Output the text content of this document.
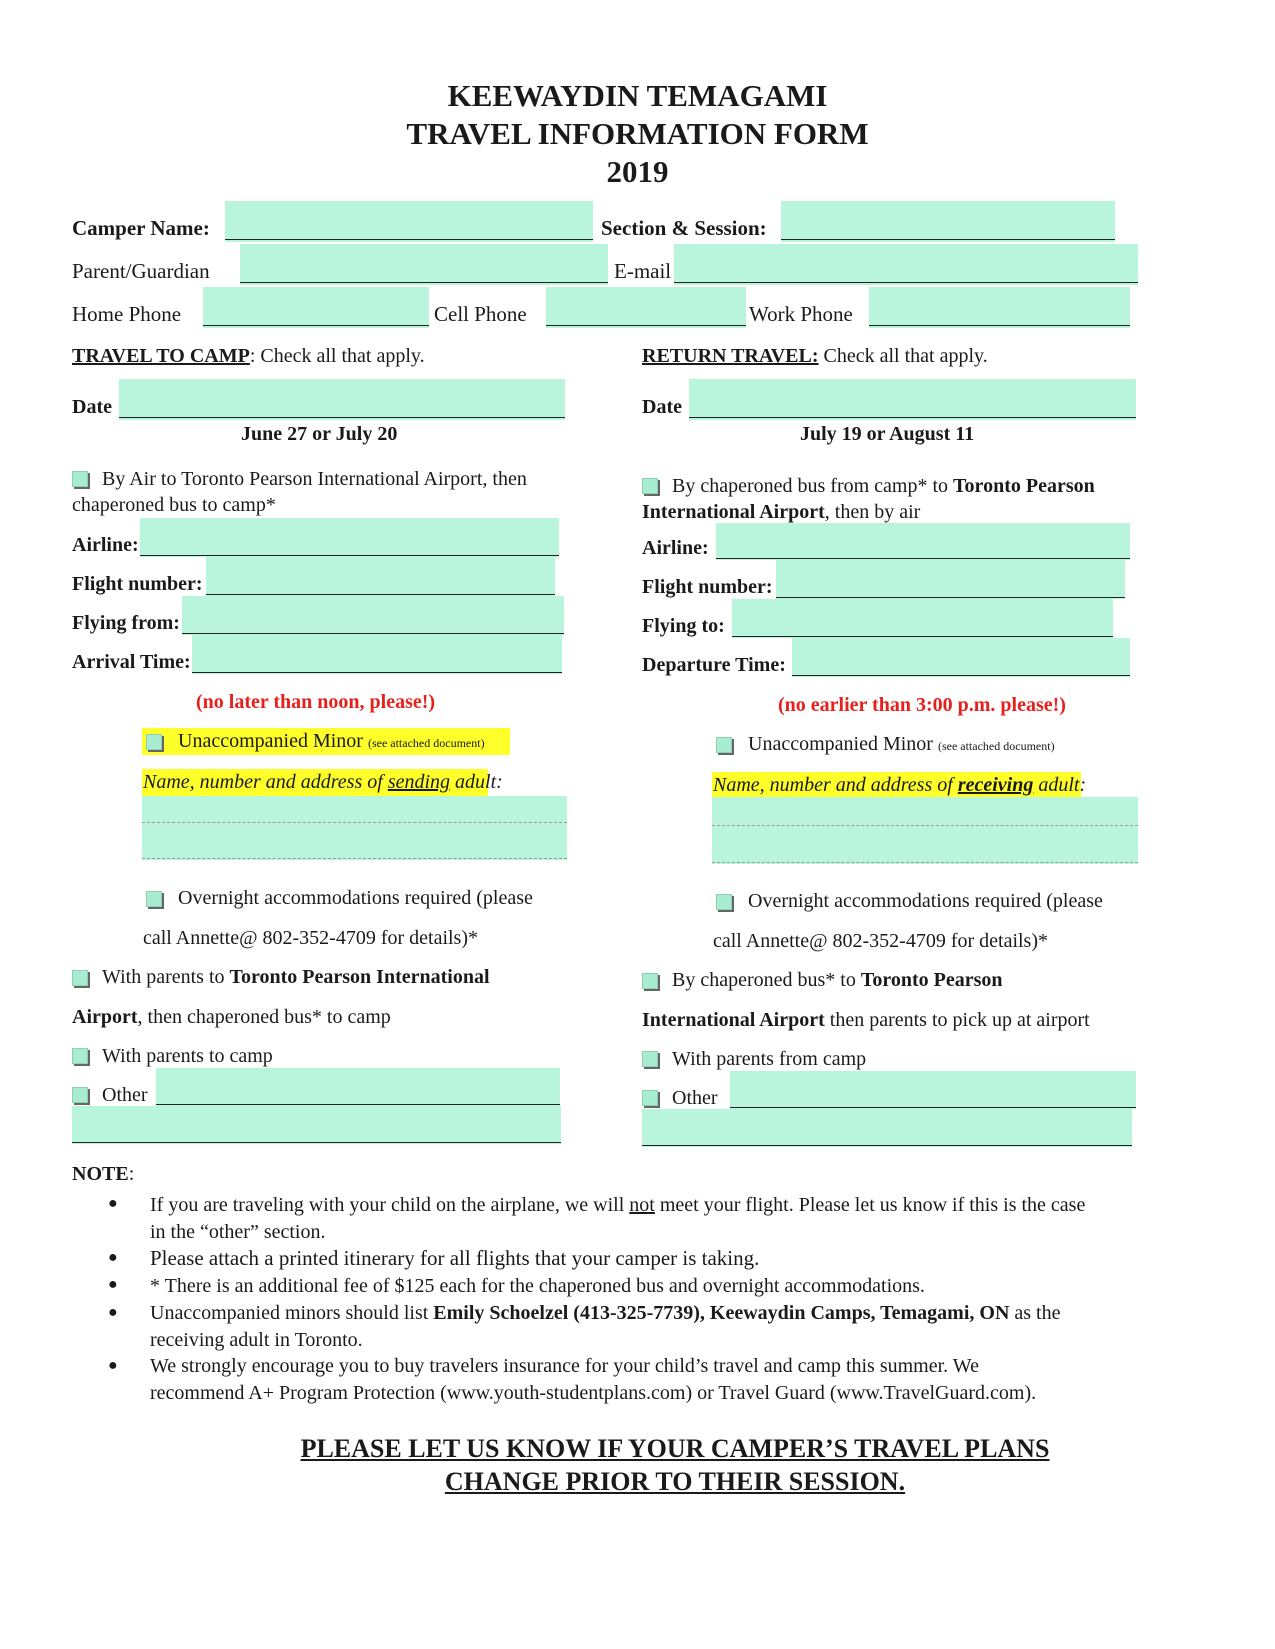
KEEWAYDIN TEMAGAMI
TRAVEL INFORMATION FORM
2019
Camper Name:	Section & Session:
Parent/Guardian	E-mail
Home Phone	Cell Phone	Work Phone
TRAVEL TO CAMP: Check all that apply.
Date
June 27 or July 20
By Air to Toronto Pearson International Airport, then
chaperoned bus to camp*
Airline:
Flight number:
Flying from:
Arrival Time:
(no later than noon, please!)
Unaccompanied Minor (see attached document)
Name, number and address of sending adult:
Overnight accommodations required (please
call Annette@ 802-352-4709 for details)*
With parents to Toronto Pearson International
Airport, then chaperoned bus* to camp
With parents to camp
Other
RETURN TRAVEL: Check all that apply.
Date
July 19 or August 11
By chaperoned bus from camp* to Toronto Pearson
International Airport, then by air
Airline:
Flight number:
Flying to:
Departure Time:
(no earlier than 3:00 p.m. please!)
Unaccompanied Minor (see attached document)
Name, number and address of receiving adult:
Overnight accommodations required (please
call Annette@ 802-352-4709 for details)*
By chaperoned bus* to Toronto Pearson
International Airport then parents to pick up at airport
With parents from camp
Other
NOTE:
● If you are traveling with your child on the airplane, we will not meet your flight. Please let us know if this is the case
in the “other” section.
● Please attach a printed itinerary for all flights that your camper is taking.
● * There is an additional fee of $125 each for the chaperoned bus and overnight accommodations.
● Unaccompanied minors should list Emily Schoelzel (413-325-7739), Keewaydin Camps, Temagami, ON as the
receiving adult in Toronto.
● We strongly encourage you to buy travelers insurance for your child’s travel and camp this summer. We
recommend A+ Program Protection (www.youth-studentplans.com) or Travel Guard (www.TravelGuard.com).
PLEASE LET US KNOW IF YOUR CAMPER’S TRAVEL PLANS
CHANGE PRIOR TO THEIR SESSION.
